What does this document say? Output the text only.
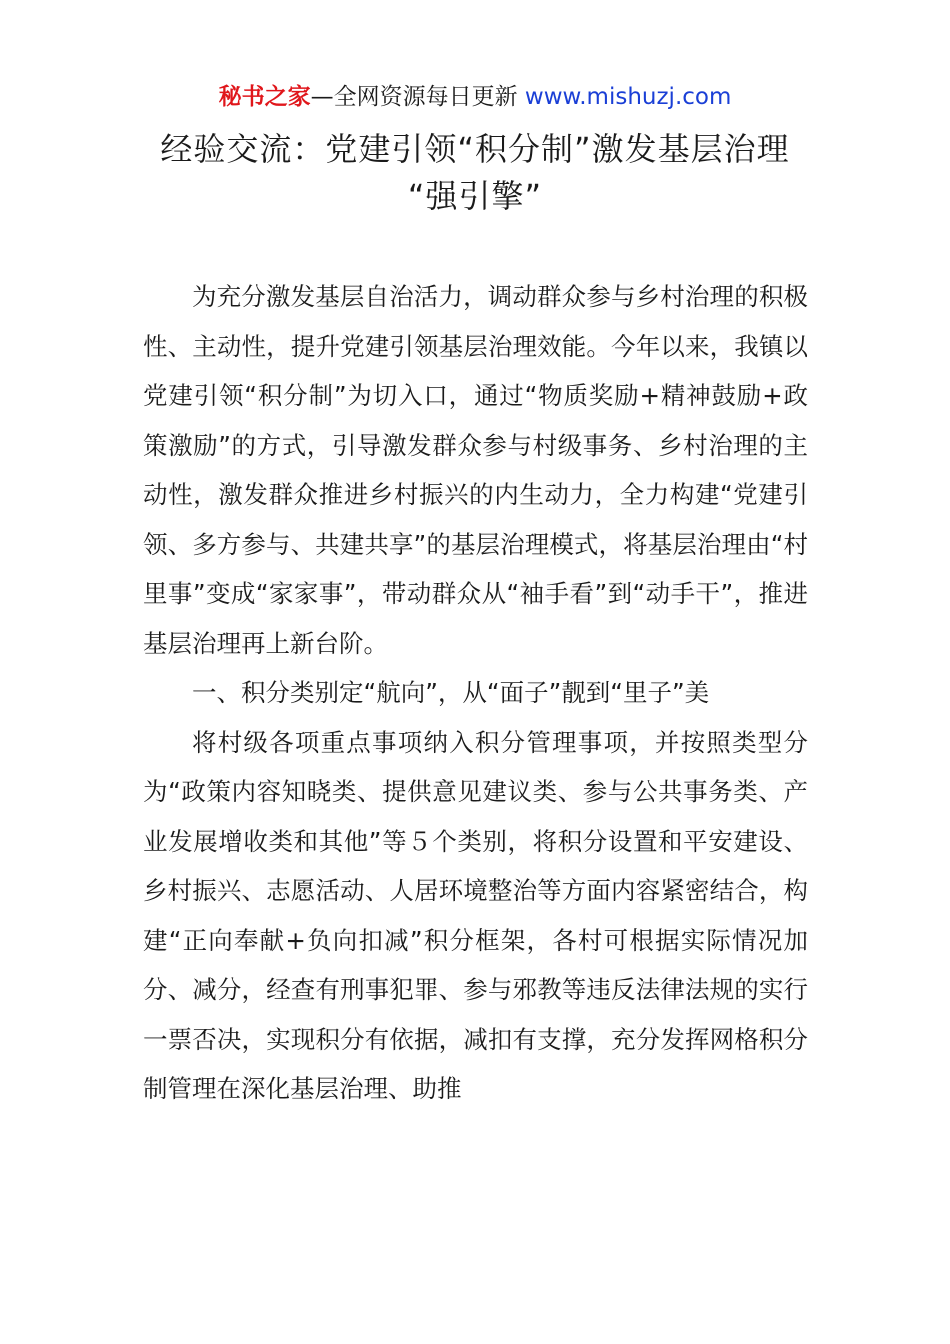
秘书之家—全网资源每日更新 www.mishuzj.com
经验交流：党建引领“积分制”激发基层治理
“强引擎”

为充分激发基层自治活力，调动群众参与乡村治理的积极性、主动性，提升党建引领基层治理效能。今年以来，我镇以党建引领“积分制”为切入口，通过“物质奖励+精神鼓励+政策激励”的方式，引导激发群众参与村级事务、乡村治理的主动性，激发群众推进乡村振兴的内生动力，全力构建“党建引领、多方参与、共建共享”的基层治理模式，将基层治理由“村里事”变成“家家事”，带动群众从“袖手看”到“动手干”，推进基层治理再上新台阶。

一、积分类别定“航向”，从“面子”靓到“里子”美

将村级各项重点事项纳入积分管理事项，并按照类型分为“政策内容知晓类、提供意见建议类、参与公共事务类、产业发展增收类和其他”等５个类别，将积分设置和平安建设、乡村振兴、志愿活动、人居环境整治等方面内容紧密结合，构建“正向奉献+负向扣减”积分框架，各村可根据实际情况加分、减分，经查有刑事犯罪、参与邪教等违反法律法规的实行一票否决，实现积分有依据，减扣有支撑，充分发挥网格积分制管理在深化基层治理、助推
